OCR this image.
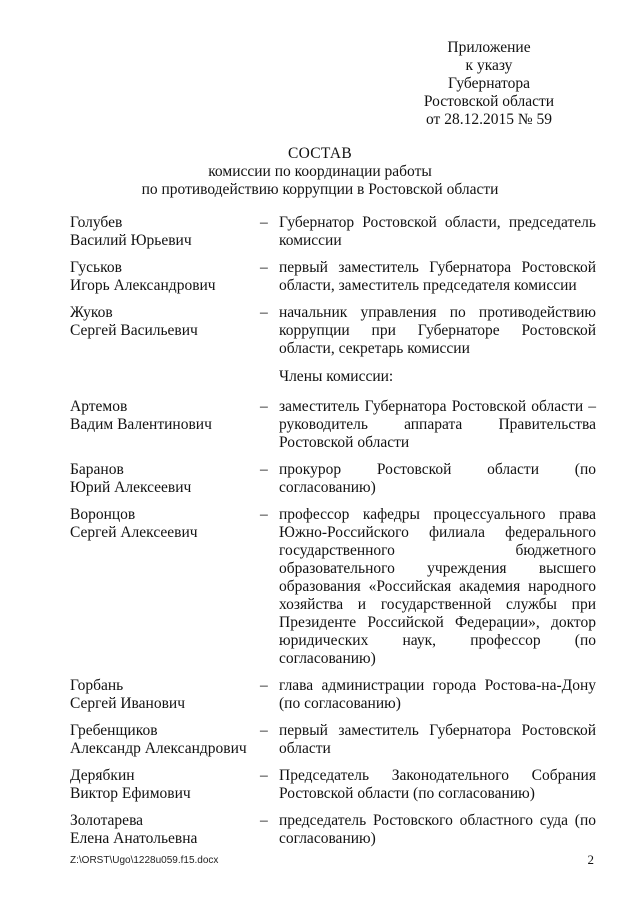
Приложение
к указу
Губернатора
Ростовской области
от 28.12.2015 № 59
СОСТАВ
комиссии по координации работы
по противодействию коррупции в Ростовской области
Голубев
Василий Юрьевич
– Губернатор Ростовской области, председатель комиссии
Гуськов
Игорь Александрович
– первый заместитель Губернатора Ростовской области, заместитель председателя комиссии
Жуков
Сергей Васильевич
– начальник управления по противодействию коррупции при Губернаторе Ростовской области, секретарь комиссии
Члены комиссии:
Артемов
Вадим Валентинович
– заместитель Губернатора Ростовской области – руководитель аппарата Правительства Ростовской области
Баранов
Юрий Алексеевич
– прокурор Ростовской области (по согласованию)
Воронцов
Сергей Алексеевич
– профессор кафедры процессуального права Южно-Российского филиала федерального государственного бюджетного образовательного учреждения высшего образования «Российская академия народного хозяйства и государственной службы при Президенте Российской Федерации», доктор юридических наук, профессор (по согласованию)
Горбань
Сергей Иванович
– глава администрации города Ростова-на-Дону (по согласованию)
Гребенщиков
Александр Александрович
– первый заместитель Губернатора Ростовской области
Дерябкин
Виктор Ефимович
– Председатель Законодательного Собрания Ростовской области (по согласованию)
Золотарева
Елена Анатольевна
– председатель Ростовского областного суда (по согласованию)
Z:\ORST\Ugo\1228u059.f15.docx	2
